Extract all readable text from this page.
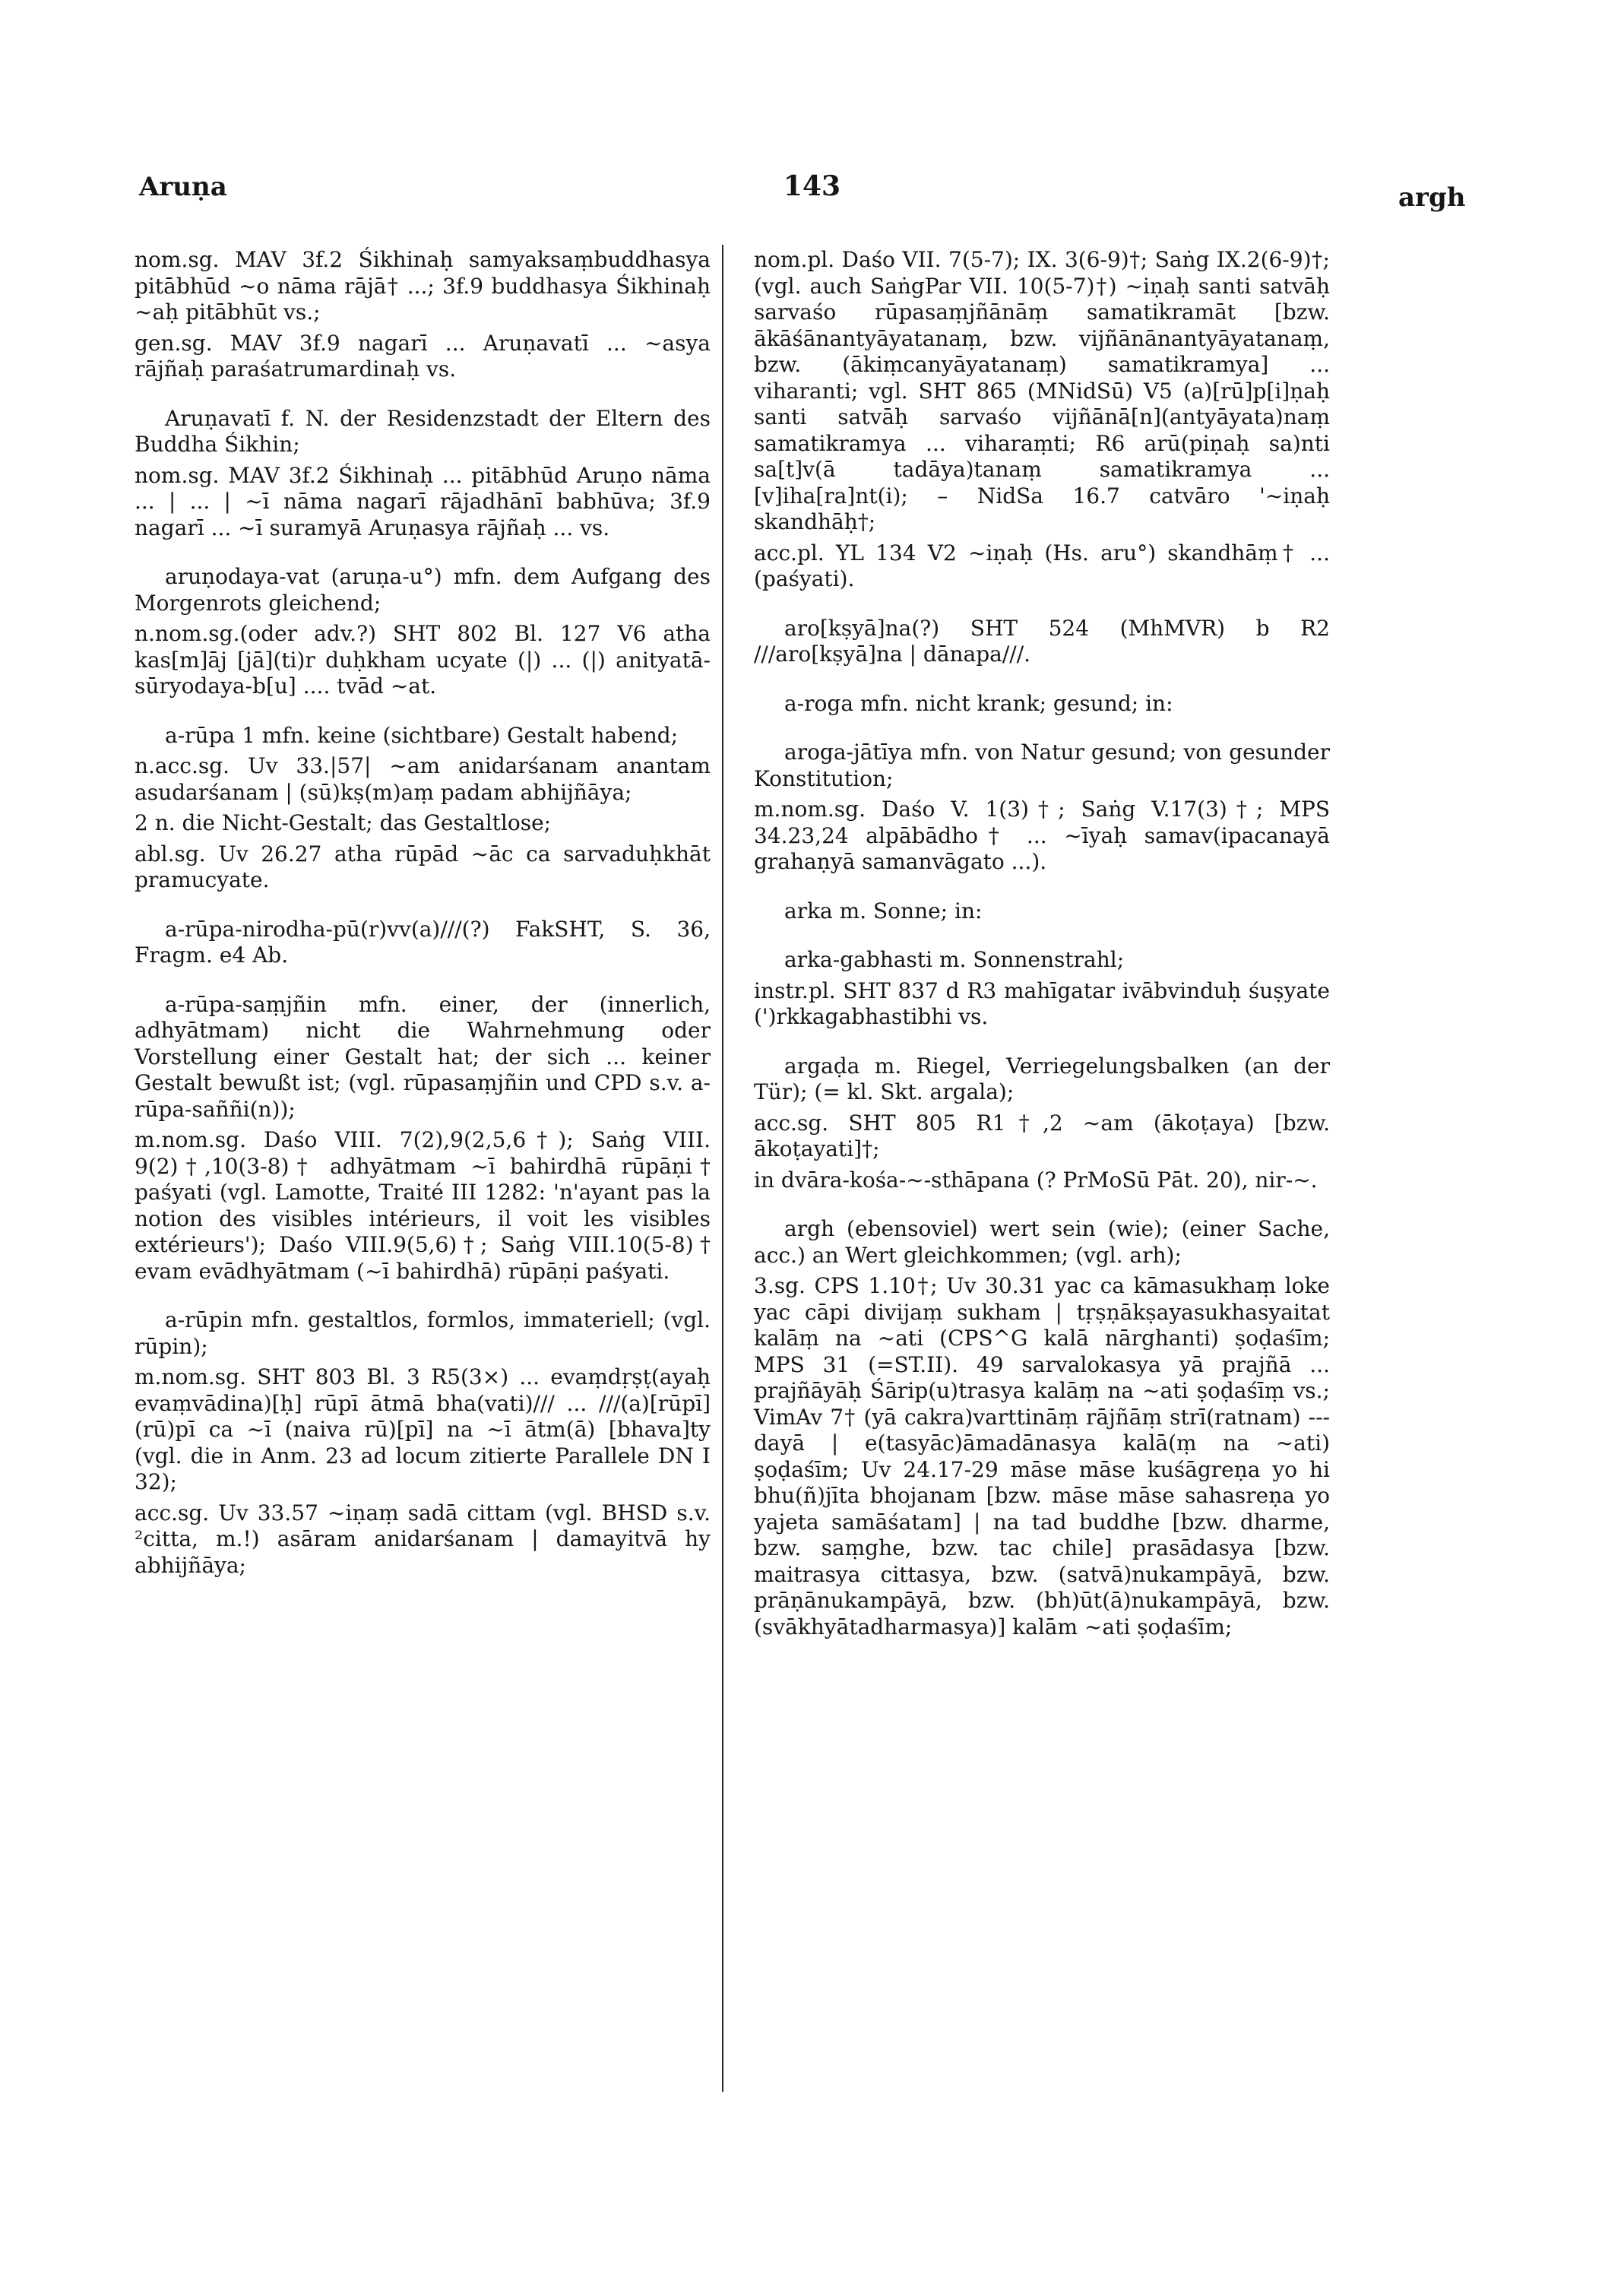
Aruṇa	143	argh

nom.sg. MAV 3f.2 Śikhinaḥ samyaksaṃbuddhasya pitābhūd ~o nāma rājā† ...; 3f.9 buddhasya Śikhinaḥ ~aḥ pitābhūt vs.;

gen.sg. MAV 3f.9 nagarī ... Aruṇavatī ... ~asya rājñaḥ paraśatrumardinaḥ vs.

Aruṇavatī f. N. der Residenzstadt der Eltern des Buddha Śikhin;

nom.sg. MAV 3f.2 Śikhinaḥ ... pitābhūd Aruṇo nāma ... | ... | ~ī nāma nagarī rājadhānī babhūva; 3f.9 nagarī ... ~ī suramyā Aruṇasya rājñaḥ ... vs.

aruṇodaya-vat (aruṇa-u°) mfn. dem Aufgang des Morgenrots gleichend;

n.nom.sg.(oder adv.?) SHT 802 Bl. 127 V6 atha kas[m]āj [jā](ti)r duḥkham ucyate (|) ... (|) anityatā-sūryodaya-b[u] .... tvād ~at.

a-rūpa 1 mfn. keine (sichtbare) Gestalt habend;

n.acc.sg. Uv 33.|57| ~am anidarśanam anantam asudarśanam | (sū)kṣ(m)aṃ padam abhijñāya;

2 n. die Nicht-Gestalt; das Gestaltlose;

abl.sg. Uv 26.27 atha rūpād ~āc ca sarvaduḥkhāt pramucyate.

a-rūpa-nirodha-pū(r)vv(a)///(?) FakSHT, S. 36, Fragm. e4 Ab.

a-rūpa-saṃjñin mfn. einer, der (innerlich, adhyātmam) nicht die Wahrnehmung oder Vorstellung einer Gestalt hat; der sich ... keiner Gestalt bewußt ist; (vgl. rūpasaṃjñin und CPD s.v. a-rūpa-saññi(n));

m.nom.sg. Daśo VIII. 7(2),9(2,5,6†); Saṅg VIII. 9(2)†,10(3-8)† adhyātmam ~ī bahirdhā rūpāṇi† paśyati (vgl. Lamotte, Traité III 1282: 'n'ayant pas la notion des visibles intérieurs, il voit les visibles extérieurs'); Daśo VIII.9(5,6)†; Saṅg VIII.10(5-8)† evam evādhyātmam (~ī bahirdhā) rūpāṇi paśyati.

a-rūpin mfn. gestaltlos, formlos, immateriell; (vgl. rūpin);

m.nom.sg. SHT 803 Bl. 3 R5(3×) ... evaṃdṛṣṭ(ayaḥ evaṃvādina)[ḥ] rūpī ātmā bha(vati)/// ... ///(a)[rūpī] (rū)pī ca ~ī (naiva rū)[pī] na ~ī ātm(ā) [bhava]ty (vgl. die in Anm. 23 ad locum zitierte Parallele DN I 32);

acc.sg. Uv 33.57 ~iṇaṃ sadā cittam (vgl. BHSD s.v. ²citta, m.!) asāram anidarśanam | damayitvā hy abhijñāya;

nom.pl. Daśo VII. 7(5-7); IX. 3(6-9)†; Saṅg IX.2(6-9)†; (vgl. auch SaṅgPar VII. 10(5-7)†) ~iṇaḥ santi satvāḥ sarvaśo rūpasaṃjñānāṃ samatikramāt [bzw. ākāśānantyāyatanaṃ, bzw. vijñānānantyāyatanaṃ, bzw. (ākiṃcanyāyatanaṃ) samatikramya] ... viharanti; vgl. SHT 865 (MNidSū) V5 (a)[rū]p[i]ṇaḥ santi satvāḥ sarvaśo vijñānā[n](antyāyata)naṃ samatikramya ... viharaṃti; R6 arū(piṇaḥ sa)nti sa[t]v(ā tadāya)tanaṃ samatikramya ... [v]iha[ra]nt(i); – NidSa 16.7 catvāro '~iṇaḥ skandhāḥ†;

acc.pl. YL 134 V2 ~iṇaḥ (Hs. aru°) skandhāṃ† ... (paśyati).

aro[kṣyā]na(?) SHT 524 (MhMVR) b R2 ///aro[kṣyā]na | dānapa///.

a-roga mfn. nicht krank; gesund; in:

aroga-jātīya mfn. von Natur gesund; von gesunder Konstitution;

m.nom.sg. Daśo V. 1(3)†; Saṅg V.17(3)†; MPS 34.23,24 alpābādho† ... ~īyaḥ samav(ipacanayā grahaṇyā samanvāgato ...).

arka m. Sonne; in:

arka-gabhasti m. Sonnenstrahl;

instr.pl. SHT 837 d R3 mahīgatar ivābvinduḥ śuṣyate (')rkkagabhastibhi vs.

argaḍa m. Riegel, Verriegelungsbalken (an der Tür); (= kl. Skt. argala);

acc.sg. SHT 805 R1†,2 ~am (ākoṭaya) [bzw. ākoṭayati]†;

in dvāra-kośa-~-sthāpana (? PrMoSū Pāt. 20), nir-~.

argh (ebensoviel) wert sein (wie); (einer Sache, acc.) an Wert gleichkommen; (vgl. arh);

3.sg. CPS 1.10†; Uv 30.31 yac ca kāmasukhaṃ loke yac cāpi divijaṃ sukham | tṛṣṇākṣayasukhasyaitat kalāṃ na ~ati (CPS^G kalā nārghanti) ṣoḍaśīm; MPS 31 (=ST.II). 49 sarvalokasya yā prajñā ... prajñāyāḥ Śārip(u)trasya kalāṃ na ~ati ṣoḍaśīṃ vs.; VimAv 7† (yā cakra)varttināṃ rājñāṃ strī(ratnam) --- dayā | e(tasyāc)āmadānasya kalā(ṃ na ~ati) ṣoḍaśīm; Uv 24.17-29 māse māse kuśāgreṇa yo hi bhu(ñ)jīta bhojanam [bzw. māse māse sahasreṇa yo yajeta samāśatam] | na tad buddhe [bzw. dharme, bzw. saṃghe, bzw. tac chile] prasādasya [bzw. maitrasya cittasya, bzw. (satvā)nukampāyā, bzw. prāṇānukampāyā, bzw. (bh)ūt(ā)nukampāyā, bzw. (svākhyātadharmasya)] kalām ~ati ṣoḍaśīm;
